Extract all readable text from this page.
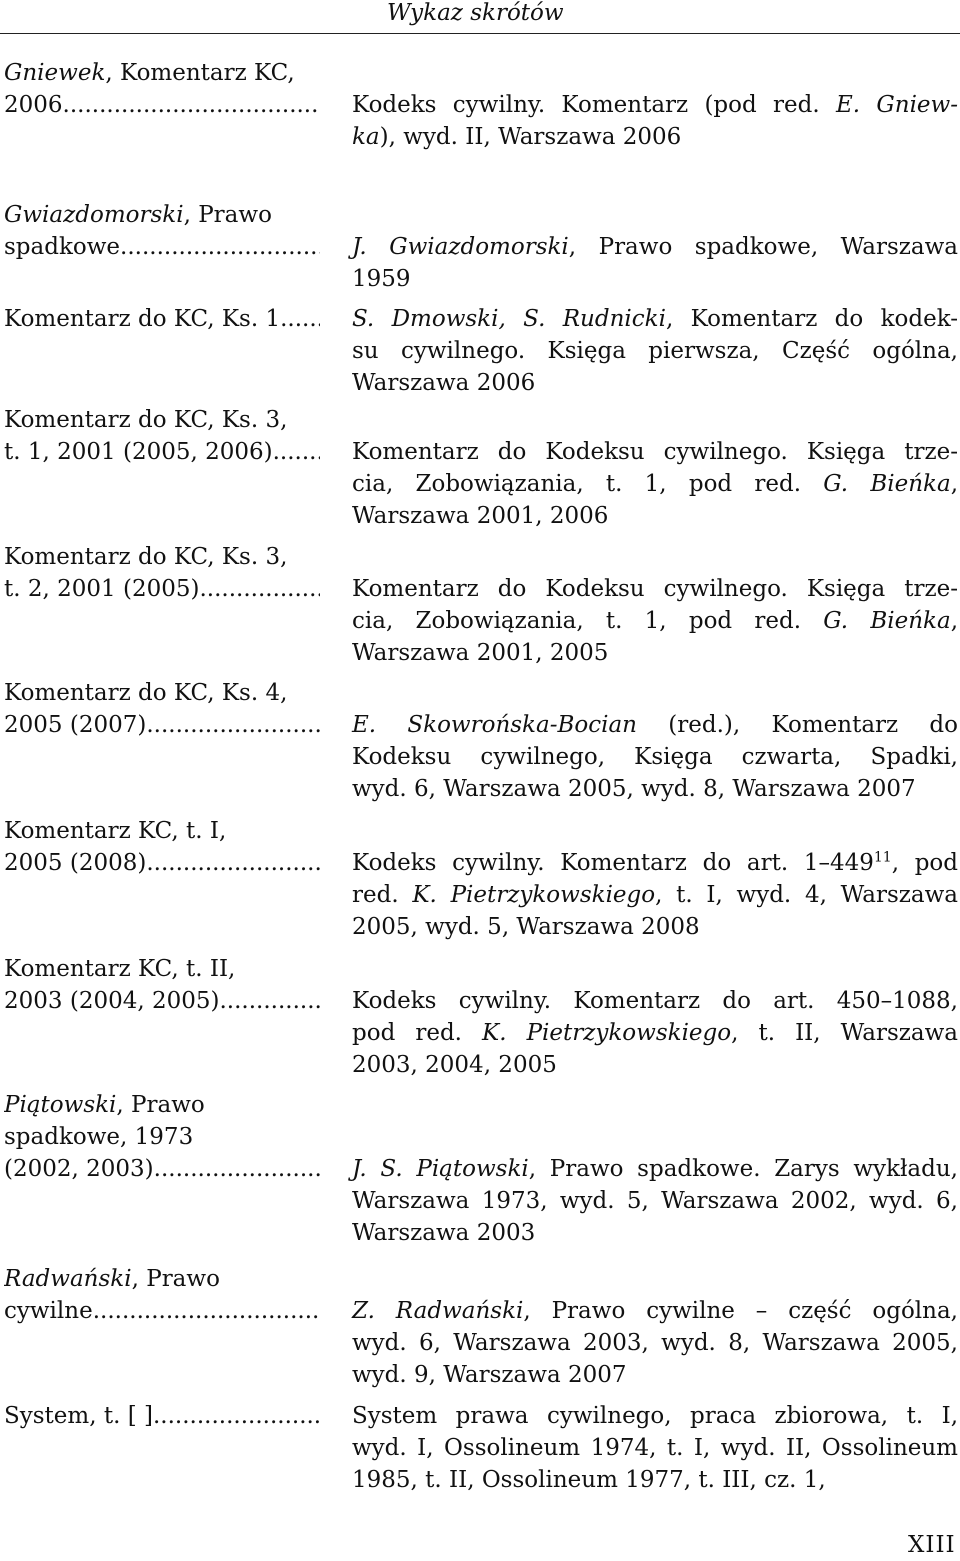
Wykaz skrótów
Gniewek, Komentarz KC,
2006 .....	Kodeks cywilny. Komentarz (pod red. E. Gniew-
ka), wyd. II, Warszawa 2006
Gwiazdomorski, Prawo
spadkowe .....	J. Gwiazdomorski, Prawo spadkowe, Warszawa
1959
Komentarz do KC, Ks. 1 .....	S. Dmowski, S. Rudnicki, Komentarz do kodek-
su cywilnego. Księga pierwsza, Część ogólna,
Warszawa 2006
Komentarz do KC, Ks. 3,
t. 1, 2001 (2005, 2006) .....	Komentarz do Kodeksu cywilnego. Księga trze-
cia, Zobowiązania, t. 1, pod red. G. Bieńka,
Warszawa 2001, 2006
Komentarz do KC, Ks. 3,
t. 2, 2001 (2005) .....	Komentarz do Kodeksu cywilnego. Księga trze-
cia, Zobowiązania, t. 1, pod red. G. Bieńka,
Warszawa 2001, 2005
Komentarz do KC, Ks. 4,
2005 (2007) .....	E. Skowrońska-Bocian (red.), Komentarz do
Kodeksu cywilnego, Księga czwarta, Spadki,
wyd. 6, Warszawa 2005, wyd. 8, Warszawa 2007
Komentarz KC, t. I,
2005 (2008) .....	Kodeks cywilny. Komentarz do art. $1-449^{11}$, pod
red. K. Pietrzykowskiego, t. I, wyd. 4, Warszawa
2005, wyd. 5, Warszawa 2008
Komentarz KC, t. II,
2003 (2004, 2005) .....	Kodeks cywilny. Komentarz do art. 450–1088,
pod red. K. Pietrzykowskiego, t. II, Warszawa
2003, 2004, 2005
Piątowski, Prawo
spadkowe, 1973
(2002, 2003) .....	J. S. Piątowski, Prawo spadkowe. Zarys wykładu,
Warszawa 1973, wyd. 5, Warszawa 2002, wyd. 6,
Warszawa 2003
Radwański, Prawo
cywilne .....	Z. Radwański, Prawo cywilne – część ogólna,
wyd. 6, Warszawa 2003, wyd. 8, Warszawa 2005,
wyd. 9, Warszawa 2007
System, t. [ ] .....	System prawa cywilnego, praca zbiorowa, t. I,
wyd. I, Ossolineum 1974, t. I, wyd. II, Ossolineum
1985, t. II, Ossolineum 1977, t. III, cz. 1,
XIII
